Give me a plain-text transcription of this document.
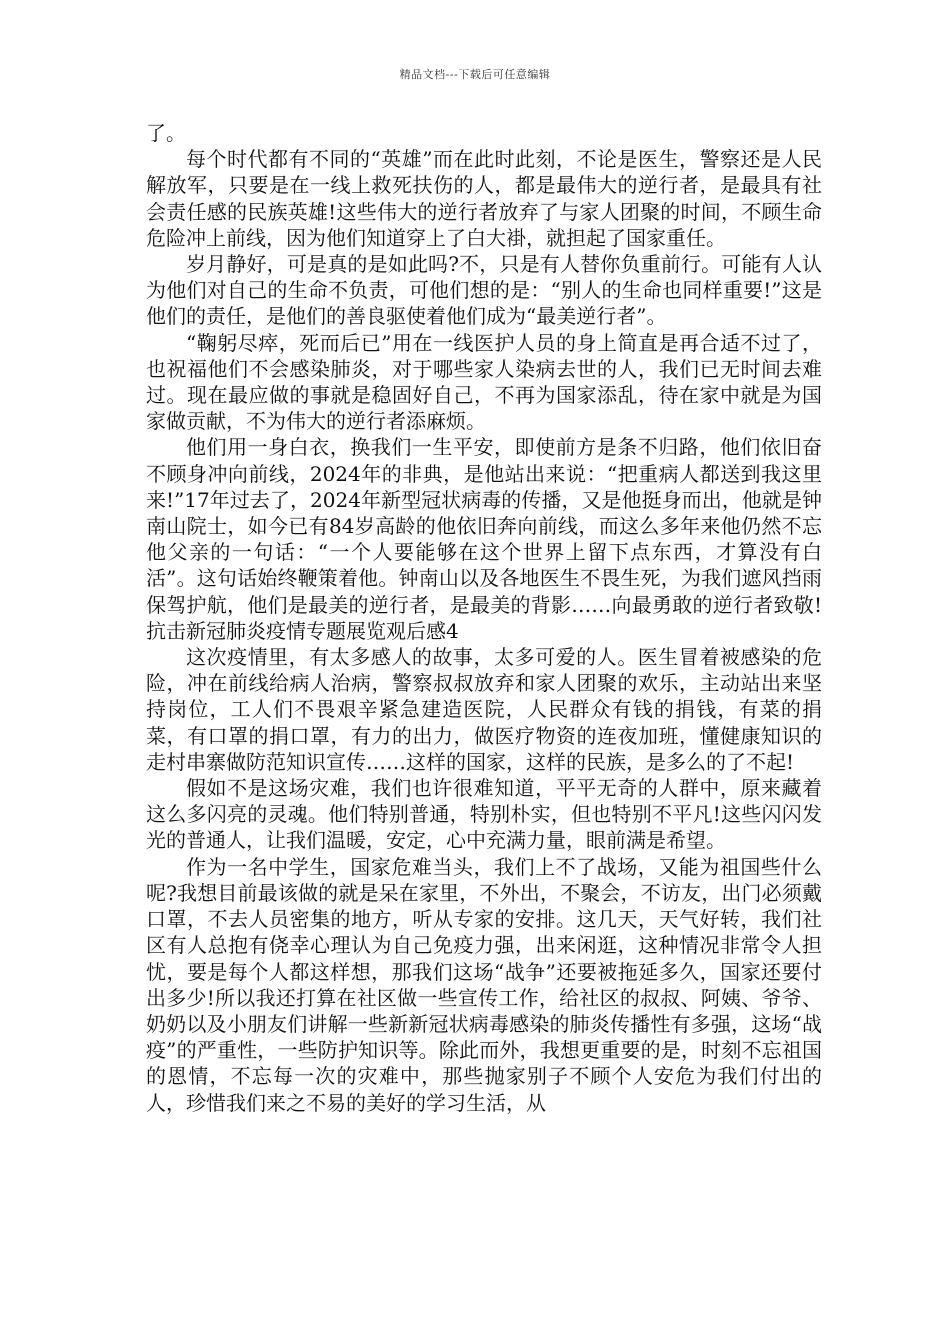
精品文档---下载后可任意编辑

了。

每个时代都有不同的“英雄”而在此时此刻，不论是医生，警察还是人民解放军，只要是在一线上救死扶伤的人，都是最伟大的逆行者，是最具有社会责任感的民族英雄!这些伟大的逆行者放弃了与家人团聚的时间，不顾生命危险冲上前线，因为他们知道穿上了白大褂，就担起了国家重任。

岁月静好，可是真的是如此吗?不，只是有人替你负重前行。可能有人认为他们对自己的生命不负责，可他们想的是：“别人的生命也同样重要!”这是他们的责任，是他们的善良驱使着他们成为“最美逆行者”。

“鞠躬尽瘁，死而后已”用在一线医护人员的身上简直是再合适不过了，也祝福他们不会感染肺炎，对于哪些家人染病去世的人，我们已无时间去难过。现在最应做的事就是稳固好自己，不再为国家添乱，待在家中就是为国家做贡献，不为伟大的逆行者添麻烦。

他们用一身白衣，换我们一生平安，即使前方是条不归路，他们依旧奋不顾身冲向前线，2024年的非典，是他站出来说：“把重病人都送到我这里来!”17年过去了，2024年新型冠状病毒的传播，又是他挺身而出，他就是钟南山院士，如今已有84岁高龄的他依旧奔向前线，而这么多年来他仍然不忘他父亲的一句话：“一个人要能够在这个世界上留下点东西，才算没有白活”。这句话始终鞭策着他。钟南山以及各地医生不畏生死，为我们遮风挡雨保驾护航，他们是最美的逆行者，是最美的背影……向最勇敢的逆行者致敬!抗击新冠肺炎疫情专题展览观后感4

这次疫情里，有太多感人的故事，太多可爱的人。医生冒着被感染的危险，冲在前线给病人治病，警察叔叔放弃和家人团聚的欢乐，主动站出来坚持岗位，工人们不畏艰辛紧急建造医院，人民群众有钱的捐钱，有菜的捐菜，有口罩的捐口罩，有力的出力，做医疗物资的连夜加班，懂健康知识的走村串寨做防范知识宣传……这样的国家，这样的民族，是多么的了不起!

假如不是这场灾难，我们也许很难知道，平平无奇的人群中，原来藏着这么多闪亮的灵魂。他们特别普通，特别朴实，但也特别不平凡!这些闪闪发光的普通人，让我们温暖，安定，心中充满力量，眼前满是希望。

作为一名中学生，国家危难当头，我们上不了战场，又能为祖国些什么呢?我想目前最该做的就是呆在家里，不外出，不聚会，不访友，出门必须戴口罩，不去人员密集的地方，听从专家的安排。这几天，天气好转，我们社区有人总抱有侥幸心理认为自己免疫力强，出来闲逛，这种情况非常令人担忧，要是每个人都这样想，那我们这场“战争”还要被拖延多久，国家还要付出多少!所以我还打算在社区做一些宣传工作，给社区的叔叔、阿姨、爷爷、奶奶以及小朋友们讲解一些新新冠状病毒感染的肺炎传播性有多强，这场“战疫”的严重性，一些防护知识等。除此而外，我想更重要的是，时刻不忘祖国的恩情，不忘每一次的灾难中，那些抛家别子不顾个人安危为我们付出的人，珍惜我们来之不易的美好的学习生活，从
